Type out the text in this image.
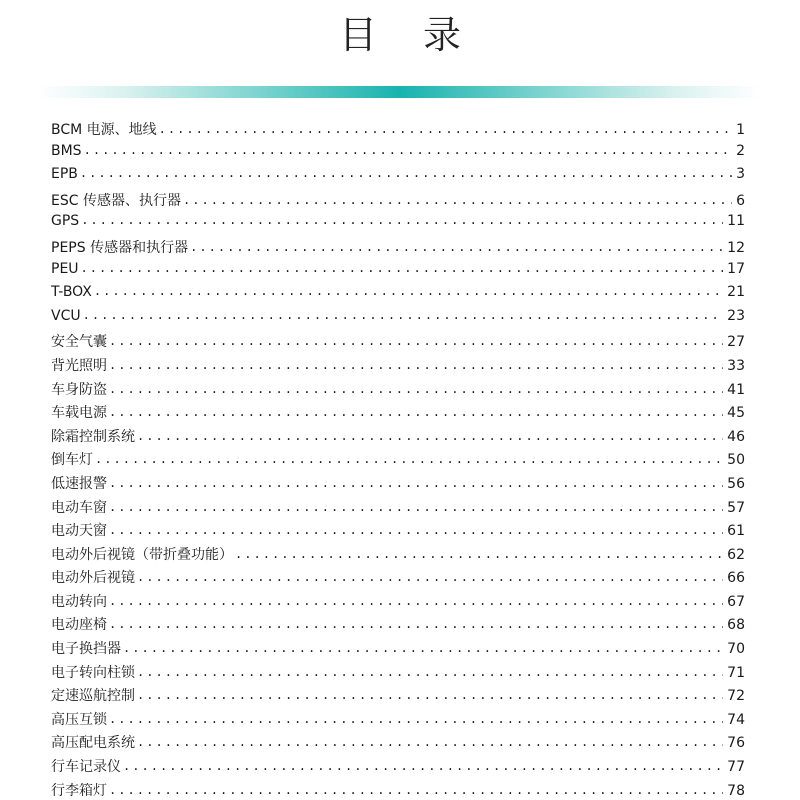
目录
BCM 电源、地线 . . .	1
BMS . . .	2
EPB . . .	3
ESC 传感器、执行器 . . .	6
GPS . . .	11
PEPS 传感器和执行器 . . .	12
PEU . . .	17
T-BOX . . .	21
VCU . . .	23
安全气囊 . . .	27
背光照明 . . .	33
车身防盗 . . .	41
车载电源 . . .	45
除霜控制系统 . . .	46
倒车灯 . . .	50
低速报警 . . .	56
电动车窗 . . .	57
电动天窗 . . .	61
电动外后视镜（带折叠功能） . . .	62
电动外后视镜 . . .	66
电动转向 . . .	67
电动座椅 . . .	68
电子换挡器 . . .	70
电子转向柱锁 . . .	71
定速巡航控制 . . .	72
高压互锁 . . .	74
高压配电系统 . . .	76
行车记录仪 . . .	77
行李箱灯 . . .	78
